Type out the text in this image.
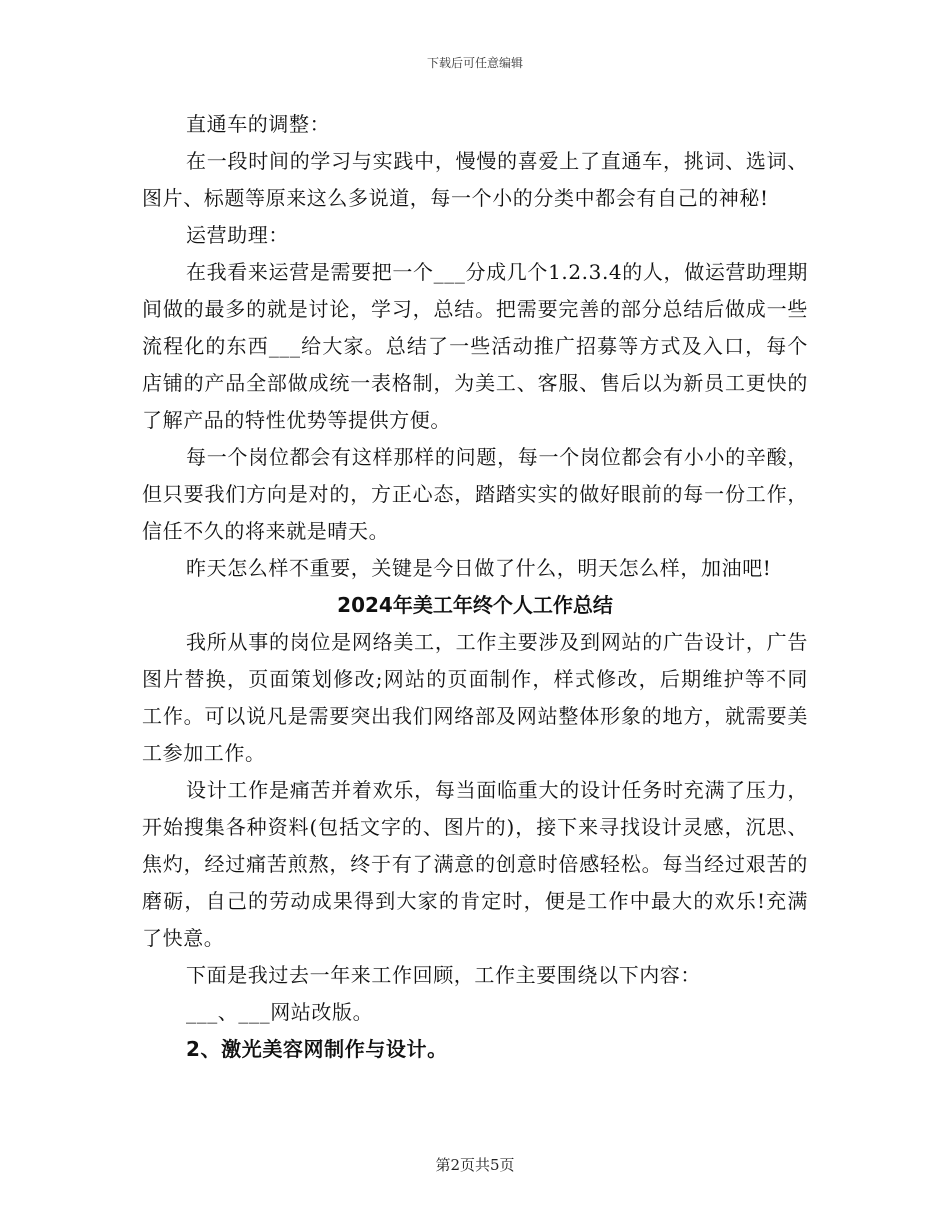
下载后可任意编辑

直通车的调整：

在一段时间的学习与实践中，慢慢的喜爱上了直通车，挑词、选词、图片、标题等原来这么多说道，每一个小的分类中都会有自己的神秘!

运营助理：

在我看来运营是需要把一个___分成几个1.2.3.4的人，做运营助理期间做的最多的就是讨论，学习，总结。把需要完善的部分总结后做成一些流程化的东西___给大家。总结了一些活动推广招募等方式及入口，每个店铺的产品全部做成统一表格制，为美工、客服、售后以为新员工更快的了解产品的特性优势等提供方便。

每一个岗位都会有这样那样的问题，每一个岗位都会有小小的辛酸，但只要我们方向是对的，方正心态，踏踏实实的做好眼前的每一份工作，信任不久的将来就是晴天。

昨天怎么样不重要，关键是今日做了什么，明天怎么样，加油吧!

2024年美工年终个人工作总结

我所从事的岗位是网络美工，工作主要涉及到网站的广告设计，广告图片替换，页面策划修改;网站的页面制作，样式修改，后期维护等不同工作。可以说凡是需要突出我们网络部及网站整体形象的地方，就需要美工参加工作。

设计工作是痛苦并着欢乐，每当面临重大的设计任务时充满了压力，开始搜集各种资料(包括文字的、图片的)，接下来寻找设计灵感，沉思、焦灼，经过痛苦煎熬，终于有了满意的创意时倍感轻松。每当经过艰苦的磨砺，自己的劳动成果得到大家的肯定时，便是工作中最大的欢乐!充满了快意。

下面是我过去一年来工作回顾，工作主要围绕以下内容：

___、___网站改版。

2、激光美容网制作与设计。

第2页共5页
